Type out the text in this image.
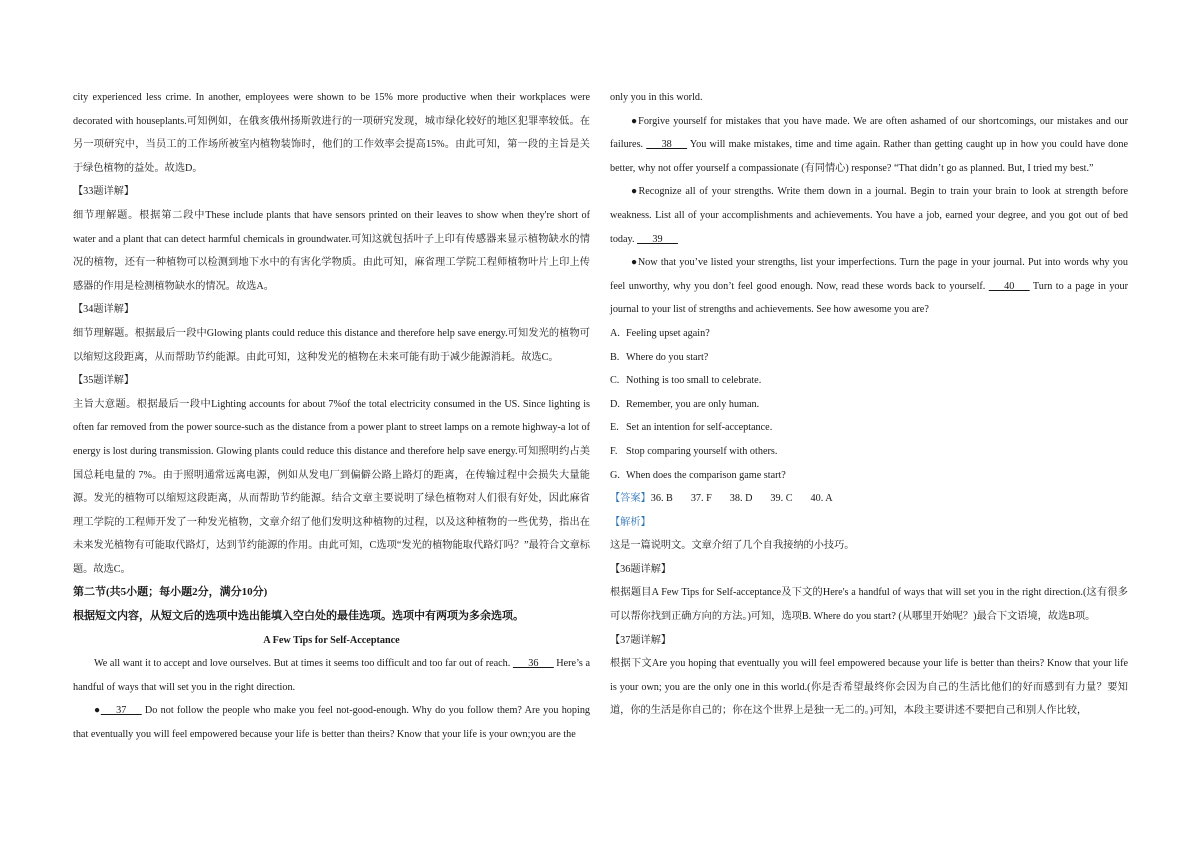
city experienced less crime. In another, employees were shown to be 15% more productive when their workplaces were decorated with houseplants.可知例如，在俄亥俄州扬斯敦进行的一项研究发现，城市绿化较好的地区犯罪率较低。在另一项研究中，当员工的工作场所被室内植物装饰时，他们的工作效率会提高15%。由此可知，第一段的主旨是关于绿色植物的益处。故选D。

【33题详解】

细节理解题。根据第二段中These include plants that have sensors printed on their leaves to show when they're short of water and a plant that can detect harmful chemicals in groundwater.可知这就包括叶子上印有传感器来显示植物缺水的情况的植物，还有一种植物可以检测到地下水中的有害化学物质。由此可知，麻省理工学院工程师植物叶片上印上传感器的作用是检测植物缺水的情况。故选A。

【34题详解】

细节理解题。根据最后一段中Glowing plants could reduce this distance and therefore help save energy.可知发光的植物可以缩短这段距离，从而帮助节约能源。由此可知，这种发光的植物在未来可能有助于减少能源消耗。故选C。

【35题详解】

主旨大意题。根据最后一段中Lighting accounts for about 7%of the total electricity consumed in the US. Since lighting is often far removed from the power source-such as the distance from a power plant to street lamps on a remote highway-a lot of energy is lost during transmission. Glowing plants could reduce this distance and therefore help save energy.可知照明约占美国总耗电量的 7%。由于照明通常远离电源，例如从发电厂到偏僻公路上路灯的距离，在传输过程中会损失大量能源。发光的植物可以缩短这段距离，从而帮助节约能源。结合文章主要说明了绿色植物对人们很有好处，因此麻省理工学院的工程师开发了一种发光植物，文章介绍了他们发明这种植物的过程，以及这种植物的一些优势，指出在未来发光植物有可能取代路灯，达到节约能源的作用。由此可知，C选项“发光的植物能取代路灯吗？”最符合文章标题。故选C。

第二节(共5小题；每小题2分，满分10分)

根据短文内容，从短文后的选项中选出能填入空白处的最佳选项。选项中有两项为多余选项。

A Few Tips for Self-Acceptance

We all want it to accept and love ourselves. But at times it seems too difficult and too far out of reach. ___36___ Here’s a handful of ways that will set you in the right direction.

●___37___ Do not follow the people who make you feel not-good-enough. Why do you follow them? Are you hoping that eventually you will feel empowered because your life is better than theirs? Know that your life is your own;you are the

only you in this world.

●Forgive yourself for mistakes that you have made. We are often ashamed of our shortcomings, our mistakes and our failures. ___38___ You will make mistakes, time and time again. Rather than getting caught up in how you could have done better, why not offer yourself a compassionate (有同情心) response? “That didn’t go as planned. But, I tried my best.”

●Recognize all of your strengths. Write them down in a journal. Begin to train your brain to look at strength before weakness. List all of your accomplishments and achievements. You have a job, earned your degree, and you got out of bed today. ___39___

●Now that you’ve listed your strengths, list your imperfections. Turn the page in your journal. Put into words why you feel unworthy, why you don’t feel good enough. Now, read these words back to yourself. ___40___ Turn to a page in your journal to your list of strengths and achievements. See how awesome you are?

A. Feeling upset again?

B. Where do you start?

C. Nothing is too small to celebrate.

D. Remember, you are only human.

E. Set an intention for self-acceptance.

F. Stop comparing yourself with others.

G. When does the comparison game start?

【答案】36. B 37. F 38. D 39. C 40. A

【解析】

这是一篇说明文。文章介绍了几个自我接纳的小技巧。

【36题详解】

根据题目A Few Tips for Self-acceptance及下文的Here's a handful of ways that will set you in the right direction.(这有很多可以帮你找到正确方向的方法。)可知，选项B. Where do you start? (从哪里开始呢？)最合下文语境，故选B项。

【37题详解】

根据下文Are you hoping that eventually you will feel empowered because your life is better than theirs? Know that your life is your own; you are the only one in this world.(你是否希望最终你会因为自己的生活比他们的好而感到有力量？要知道，你的生活是你自己的；你在这个世界上是独一无二的。)可知，本段主要讲述不要把自己和别人作比较，
